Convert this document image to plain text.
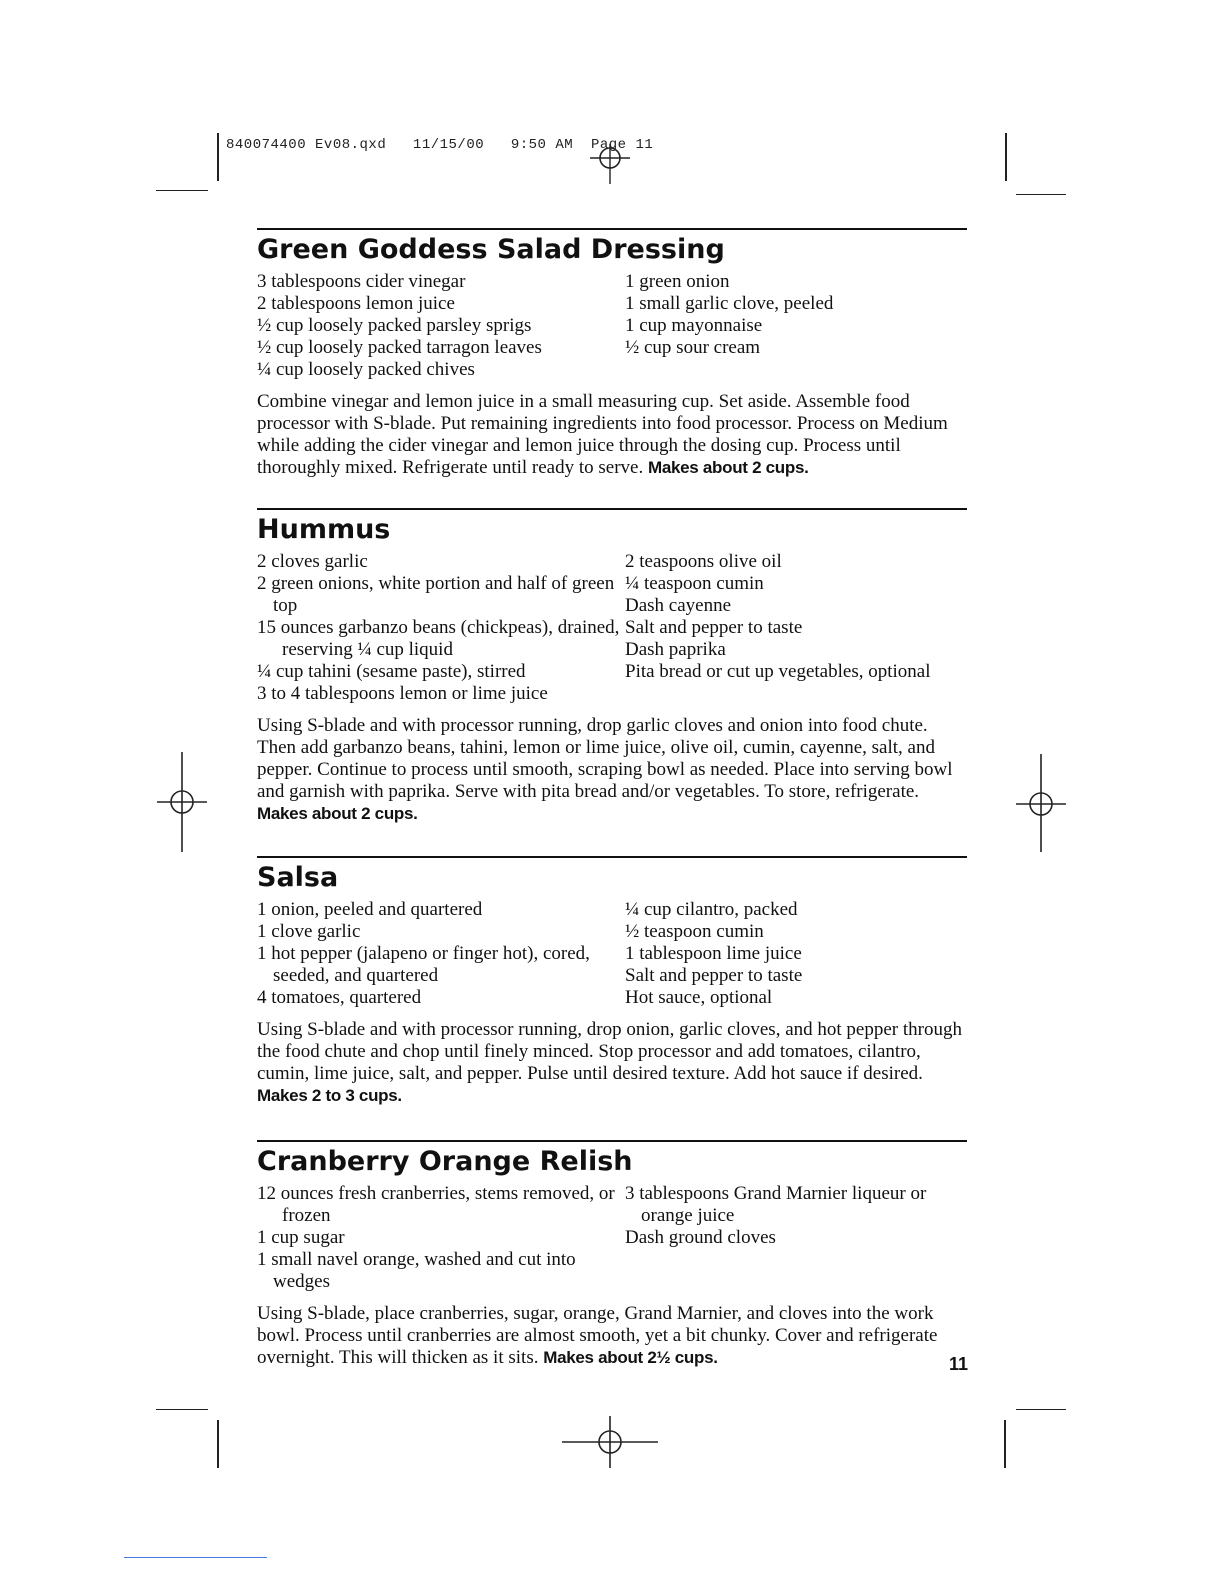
840074400 Ev08.qxd   11/15/00   9:50 AM  Page 11
Green Goddess Salad Dressing
3 tablespoons cider vinegar
2 tablespoons lemon juice
½ cup loosely packed parsley sprigs
½ cup loosely packed tarragon leaves
¼ cup loosely packed chives
1 green onion
1 small garlic clove, peeled
1 cup mayonnaise
½ cup sour cream

Combine vinegar and lemon juice in a small measuring cup. Set aside. Assemble food processor with S-blade. Put remaining ingredients into food processor. Process on Medium while adding the cider vinegar and lemon juice through the dosing cup. Process until thoroughly mixed. Refrigerate until ready to serve. Makes about 2 cups.

Hummus
2 cloves garlic
2 green onions, white portion and half of green top
15 ounces garbanzo beans (chickpeas), drained, reserving ¼ cup liquid
¼ cup tahini (sesame paste), stirred
3 to 4 tablespoons lemon or lime juice
2 teaspoons olive oil
¼ teaspoon cumin
Dash cayenne
Salt and pepper to taste
Dash paprika
Pita bread or cut up vegetables, optional

Using S-blade and with processor running, drop garlic cloves and onion into food chute. Then add garbanzo beans, tahini, lemon or lime juice, olive oil, cumin, cayenne, salt, and pepper. Continue to process until smooth, scraping bowl as needed. Place into serving bowl and garnish with paprika. Serve with pita bread and/or vegetables. To store, refrigerate. Makes about 2 cups.

Salsa
1 onion, peeled and quartered
1 clove garlic
1 hot pepper (jalapeno or finger hot), cored, seeded, and quartered
4 tomatoes, quartered
¼ cup cilantro, packed
½ teaspoon cumin
1 tablespoon lime juice
Salt and pepper to taste
Hot sauce, optional

Using S-blade and with processor running, drop onion, garlic cloves, and hot pepper through the food chute and chop until finely minced. Stop processor and add tomatoes, cilantro, cumin, lime juice, salt, and pepper. Pulse until desired texture. Add hot sauce if desired. Makes 2 to 3 cups.

Cranberry Orange Relish
12 ounces fresh cranberries, stems removed, or frozen
1 cup sugar
1 small navel orange, washed and cut into wedges
3 tablespoons Grand Marnier liqueur or orange juice
Dash ground cloves

Using S-blade, place cranberries, sugar, orange, Grand Marnier, and cloves into the work bowl. Process until cranberries are almost smooth, yet a bit chunky. Cover and refrigerate overnight. This will thicken as it sits. Makes about 2½ cups.	11
